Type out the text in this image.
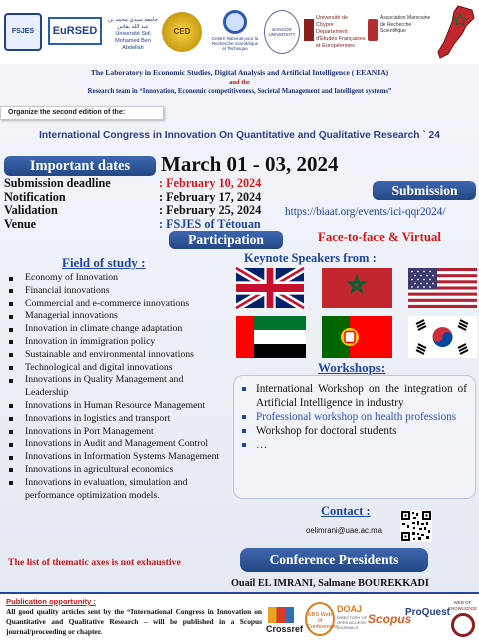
FSJES	EuRSED
جامعة سيدي محمد بن عبد الله بفاس Université Sidi Mohamed Ben Abdellah
CED
Centre National pour la Recherche Scientifique et Technique
BANGOR UNIVERSITY
Université de Chypre Département d'Études Françaises et Européennes
Association Marocaine de Recherche Scientifique
The Laboratory in Economic Studies, Digital Analysis and Artificial Intelligence ( EEANIA)
and the
Research team in “Innovation, Economic competitiveness, Societal Management and Intelligent systems”
Organize the second edition of the:
International Congress in Innovation On Quantitative and Qualitative Research ` 24
Important dates	March 01 - 03, 2024
Submission deadline	: February 10, 2024
Notification	: February 17, 2024
Validation	: February 25, 2024
Venue	: FSJES of Tétouan
Submission
https://biaat.org/events/ici-qqr2024/
Participation	Face-to-face & Virtual
Field of study :
Economy of Innovation
Financial innovations
Commercial and e-commerce innovations
Managerial innovations
Innovation in climate change adaptation
Innovation in immigration policy
Sustainable and environmental innovations
Technological and digital innovations
Innovations in Quality Management and Leadership
Innovations in Human Resource Management
Innovations in logistics and transport
Innovations in Port Management
Innovations in Audit and Management Control
Innovations in Information Systems Management
Innovations in agricultural economics
Innovations in evaluation, simulation and performance optimization models.
The list of thematic axes is not exhaustive
Keynote Speakers from :
Workshops:
International Workshop on the integration of Artificial Intelligence in industry
Professional workshop on health professions
Workshop for doctoral students
…
Contact :
oelimrani@uae.ac.ma
Conference Presidents
Ouail EL IMRANI, Salmane BOUREKKADI
Publication opportunity :
All good quality articles sent by the “International Congress in Innovation on Quantitative and Qualitative Research – will be published in a Scopus journal/proceeding or chapter.	Crossref
EBS Web of Conferences
DOAJ
DIRECTORY OF OPEN ACCESS JOURNALS
Scopus
ProQuest
WEB OF KNOWLEDGE
